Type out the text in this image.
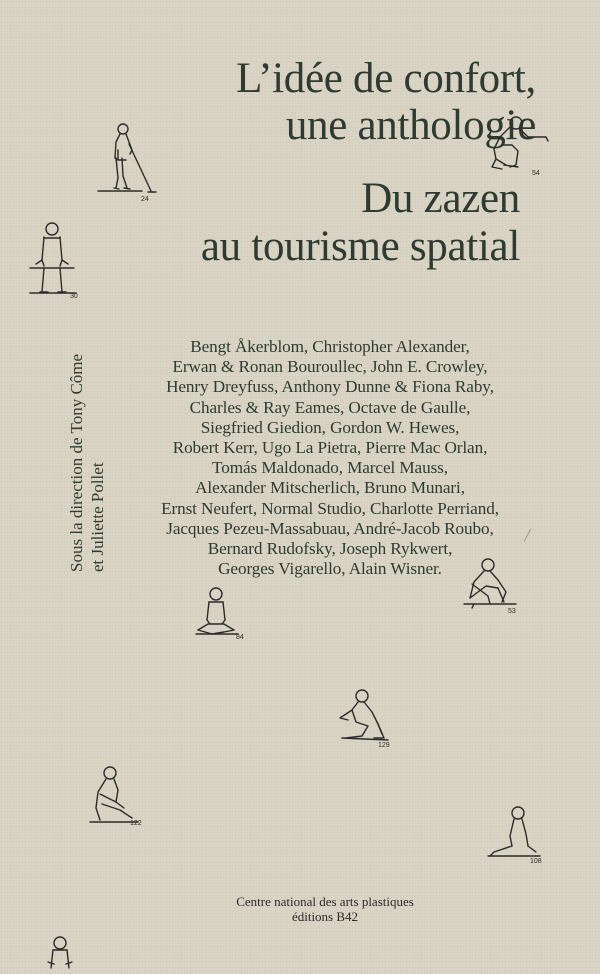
L’idée de confort,
une anthologie
Du zazen
au tourisme spatial
Sous la direction de Tony Côme et Juliette Pollet
Bengt Åkerblom, Christopher Alexander,
Erwan & Ronan Bouroullec, John E. Crowley,
Henry Dreyfuss, Anthony Dunne & Fiona Raby,
Charles & Ray Eames, Octave de Gaulle,
Siegfried Giedion, Gordon W. Hewes,
Robert Kerr, Ugo La Pietra, Pierre Mac Orlan,
Tomás Maldonado, Marcel Mauss,
Alexander Mitscherlich, Bruno Munari,
Ernst Neufert, Normal Studio, Charlotte Perriand,
Jacques Pezeu-Massabuau, André-Jacob Roubo,
Bernard Rudofsky, Joseph Rykwert,
Georges Vigarello, Alain Wisner.
Centre national des arts plastiques
éditions B42
24
54
30
84
53
129
122
108
